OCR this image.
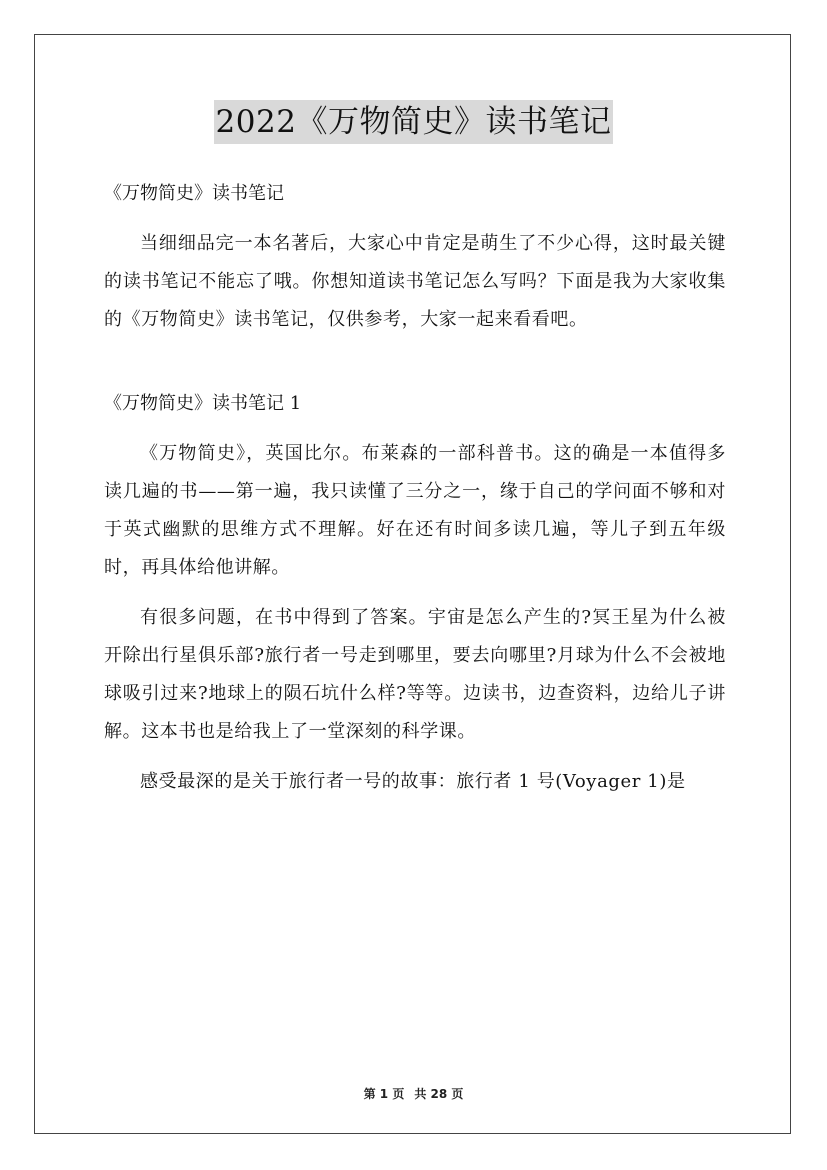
2022《万物简史》读书笔记

《万物简史》读书笔记

当细细品完一本名著后，大家心中肯定是萌生了不少心得，这时最关键的读书笔记不能忘了哦。你想知道读书笔记怎么写吗？下面是我为大家收集的《万物简史》读书笔记，仅供参考，大家一起来看看吧。

《万物简史》读书笔记 1

《万物简史》，英国比尔。布莱森的一部科普书。这的确是一本值得多读几遍的书——第一遍，我只读懂了三分之一，缘于自己的学问面不够和对于英式幽默的思维方式不理解。好在还有时间多读几遍，等儿子到五年级时，再具体给他讲解。

有很多问题，在书中得到了答案。宇宙是怎么产生的?冥王星为什么被开除出行星俱乐部?旅行者一号走到哪里，要去向哪里?月球为什么不会被地球吸引过来?地球上的陨石坑什么样?等等。边读书，边查资料，边给儿子讲解。这本书也是给我上了一堂深刻的科学课。

感受最深的是关于旅行者一号的故事：旅行者 1 号(Voyager 1)是

第 1 页 共 28 页
